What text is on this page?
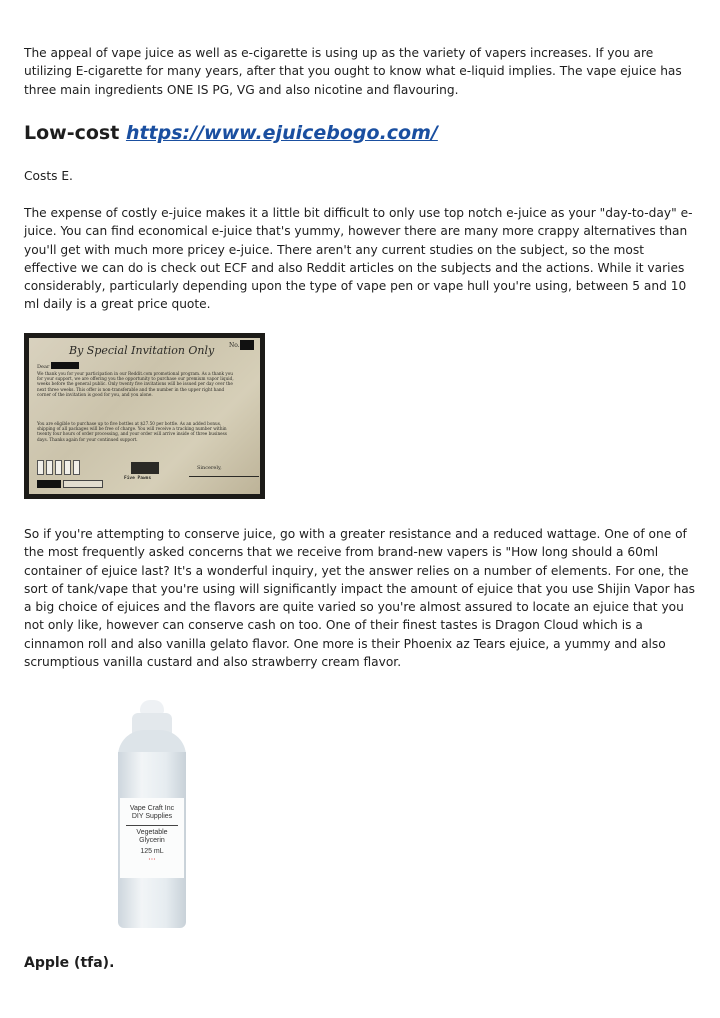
The appeal of vape juice as well as e-cigarette is using up as the variety of vapers increases. If you are utilizing E-cigarette for many years, after that you ought to know what e-liquid implies. The vape ejuice has three main ingredients ONE IS PG, VG and also nicotine and flavouring.

Low-cost https://www.ejuicebogo.com/

Costs E.

The expense of costly e-juice makes it a little bit difficult to only use top notch e-juice as your "day-to-day" e-juice. You can find economical e-juice that's yummy, however there are many more crappy alternatives than you'll get with much more pricey e-juice. There aren't any current studies on the subject, so the most effective we can do is check out ECF and also Reddit articles on the subjects and the actions. While it varies considerably, particularly depending upon the type of vape pen or vape hull you're using, between 5 and 10 ml daily is a great price quote.

By Special Invitation Only No.
Dear
We thank you for your participation in our Reddit.com promotional program. As a thank you for your support, we are offering you the opportunity to purchase our premium vapor liquid, weeks before the general public. Only twenty five invitations will be issued per day over the next three weeks. This offer is non-transferable and the number in the upper right hand corner of the invitation is good for you, and you alone.
You are eligible to purchase up to five bottles at $27.50 per bottle. As an added bonus, shipping of all packages will be free of charge. You will receive a tracking number within twenty four hours of order processing, and your order will arrive inside of three business days. Thanks again for your continued support.
Five Pawns
Sincerely,

So if you're attempting to conserve juice, go with a greater resistance and a reduced wattage. One of one of the most frequently asked concerns that we receive from brand-new vapers is "How long should a 60ml container of ejuice last? It's a wonderful inquiry, yet the answer relies on a number of elements. For one, the sort of tank/vape that you're using will significantly impact the amount of ejuice that you use Shijin Vapor has a big choice of ejuices and the flavors are quite varied so you're almost assured to locate an ejuice that you not only like, however can conserve cash on too. One of their finest tastes is Dragon Cloud which is a cinnamon roll and also vanilla gelato flavor. One more is their Phoenix az Tears ejuice, a yummy and also scrumptious vanilla custard and also strawberry cream flavor.

Vape Craft Inc
DIY Supplies
Vegetable
Glycerin
125 mL
• • •
Apple (tfa).
